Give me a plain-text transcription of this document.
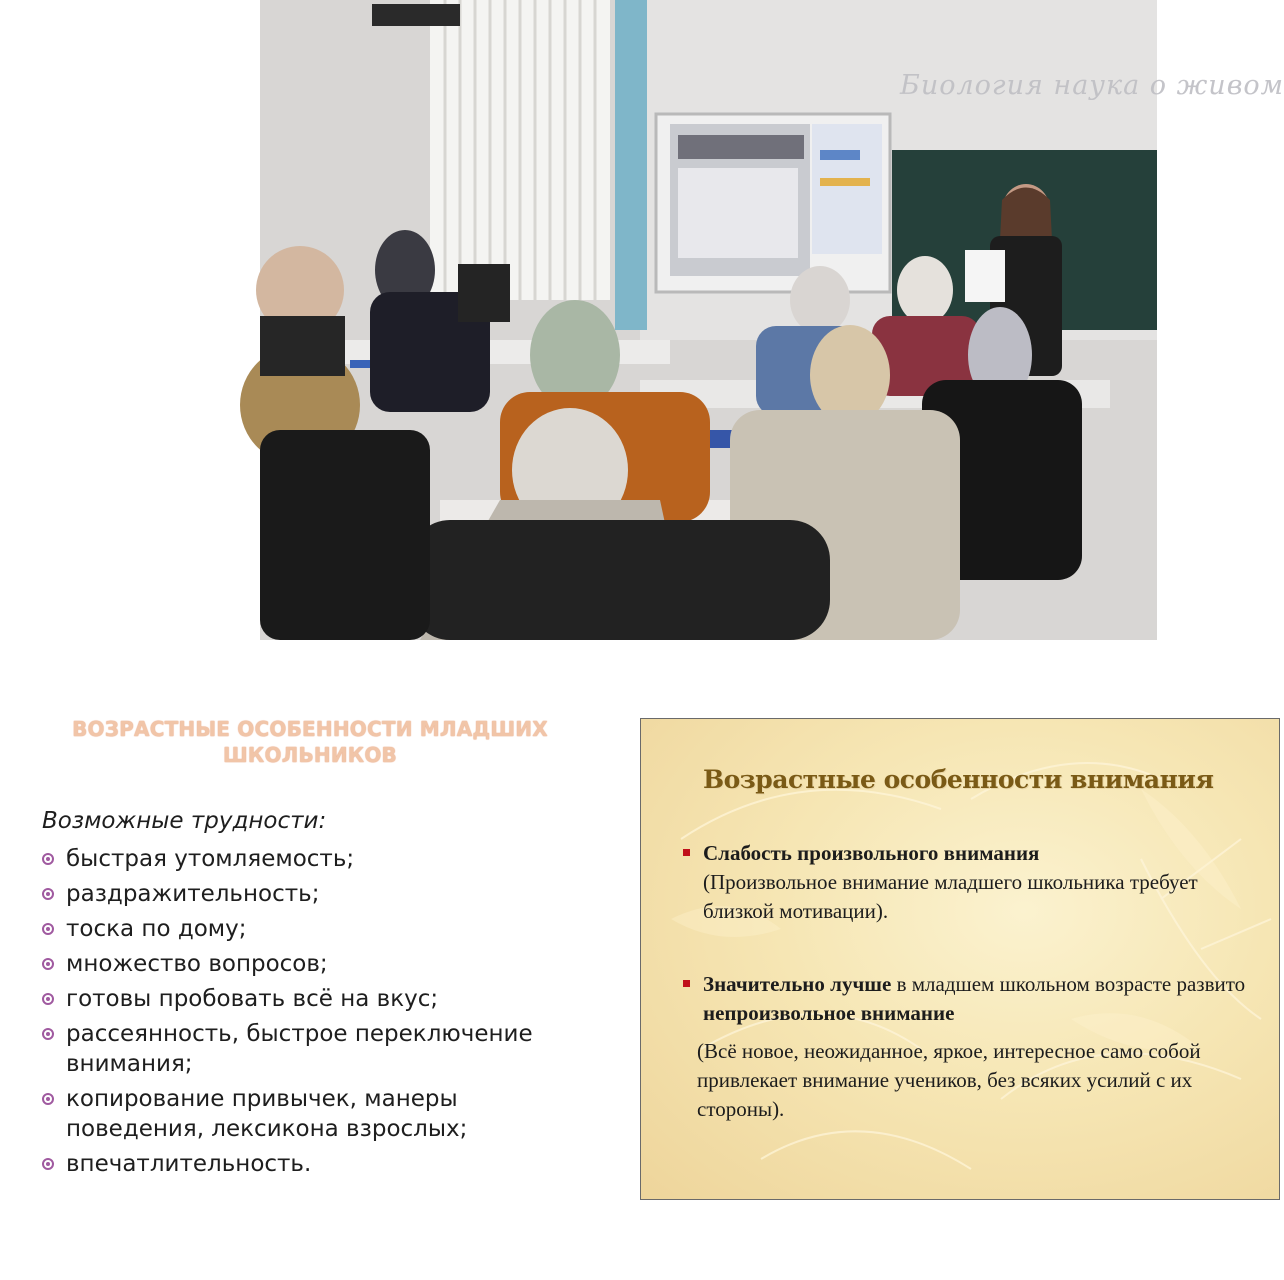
Биология наука о живом
ВОЗРАСТНЫЕ ОСОБЕННОСТИ МЛАДШИХ ШКОЛЬНИКОВ
Возможные трудности:
быстрая утомляемость;
раздражительность;
тоска по дому;
множество вопросов;
готовы пробовать всё на вкус;
рассеянность, быстрое переключение внимания;
копирование привычек, манеры поведения, лексикона взрослых;
впечатлительность.
Возрастные особенности внимания
Слабость произвольного внимания
(Произвольное внимание младшего школьника требует близкой мотивации).
Значительно лучше в младшем школьном возрасте развито непроизвольное внимание
(Всё новое, неожиданное, яркое, интересное само собой привлекает внимание учеников, без всяких усилий с их стороны).
